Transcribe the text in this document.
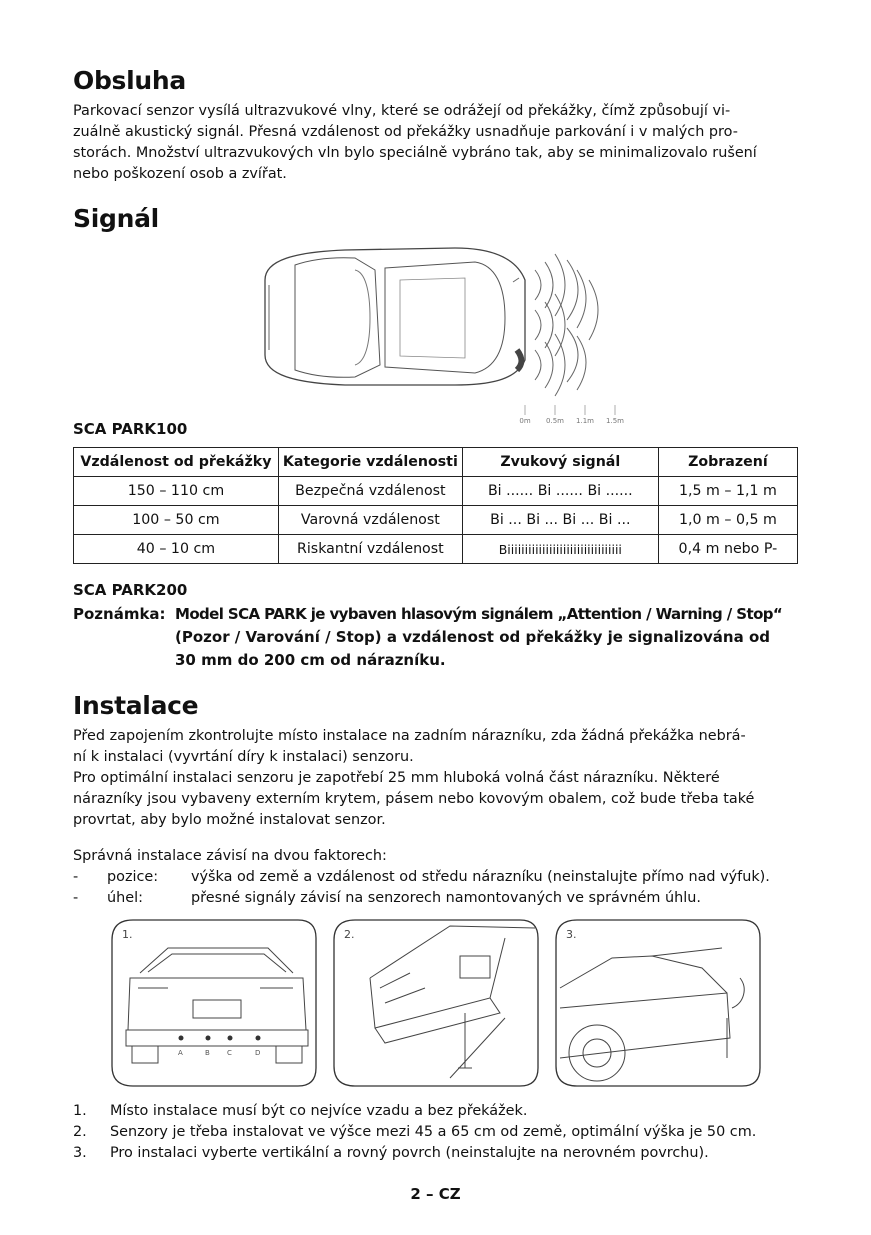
Obsluha
Parkovací senzor vysílá ultrazvukové vlny, které se odrážejí od překážky, čímž způsobují vi-
zuálně akustický signál. Přesná vzdálenost od překážky usnadňuje parkování i v malých pro-
storách. Množství ultrazvukových vln bylo speciálně vybráno tak, aby se minimalizovalo rušení
nebo poškození osob a zvířat.
Signál
0m 0.5m 1.1m 1.5m
SCA PARK100
Vzdálenost od překážky	Kategorie vzdálenosti	Zvukový signál	Zobrazení
150 – 110 cm	Bezpečná vzdálenost	Bi ...... Bi ...... Bi ......	1,5 m – 1,1 m
100 – 50 cm	Varovná vzdálenost	Bi ... Bi ... Bi ... Bi ...	1,0 m – 0,5 m
40 – 10 cm	Riskantní vzdálenost	Biiiiiiiiiiiiiiiiiiiiiiiiiiiiiiiii	0,4 m nebo P-
SCA PARK200
Poznámka: Model SCA PARK je vybaven hlasovým signálem „Attention / Warning / Stop“
(Pozor / Varování / Stop) a vzdálenost od překážky je signalizována od
30 mm do 200 cm od nárazníku.
Instalace
Před zapojením zkontrolujte místo instalace na zadním nárazníku, zda žádná překážka nebrá-
ní k instalaci (vyvrtání díry k instalaci) senzoru.
Pro optimální instalaci senzoru je zapotřebí 25 mm hluboká volná část nárazníku. Některé
nárazníky jsou vybaveny externím krytem, pásem nebo kovovým obalem, což bude třeba také
provrtat, aby bylo možné instalovat senzor.
Správná instalace závisí na dvou faktorech:
-	pozice: výška od země a vzdálenost od středu nárazníku (neinstalujte přímo nad výfuk).
-	úhel:	přesné signály závisí na senzorech namontovaných ve správném úhlu.
1.
A	B C	D
2.	3.
1. Místo instalace musí být co nejvíce vzadu a bez překážek.
2. Senzory je třeba instalovat ve výšce mezi 45 a 65 cm od země, optimální výška je 50 cm.
3. Pro instalaci vyberte vertikální a rovný povrch (neinstalujte na nerovném povrchu).
2 – CZ
